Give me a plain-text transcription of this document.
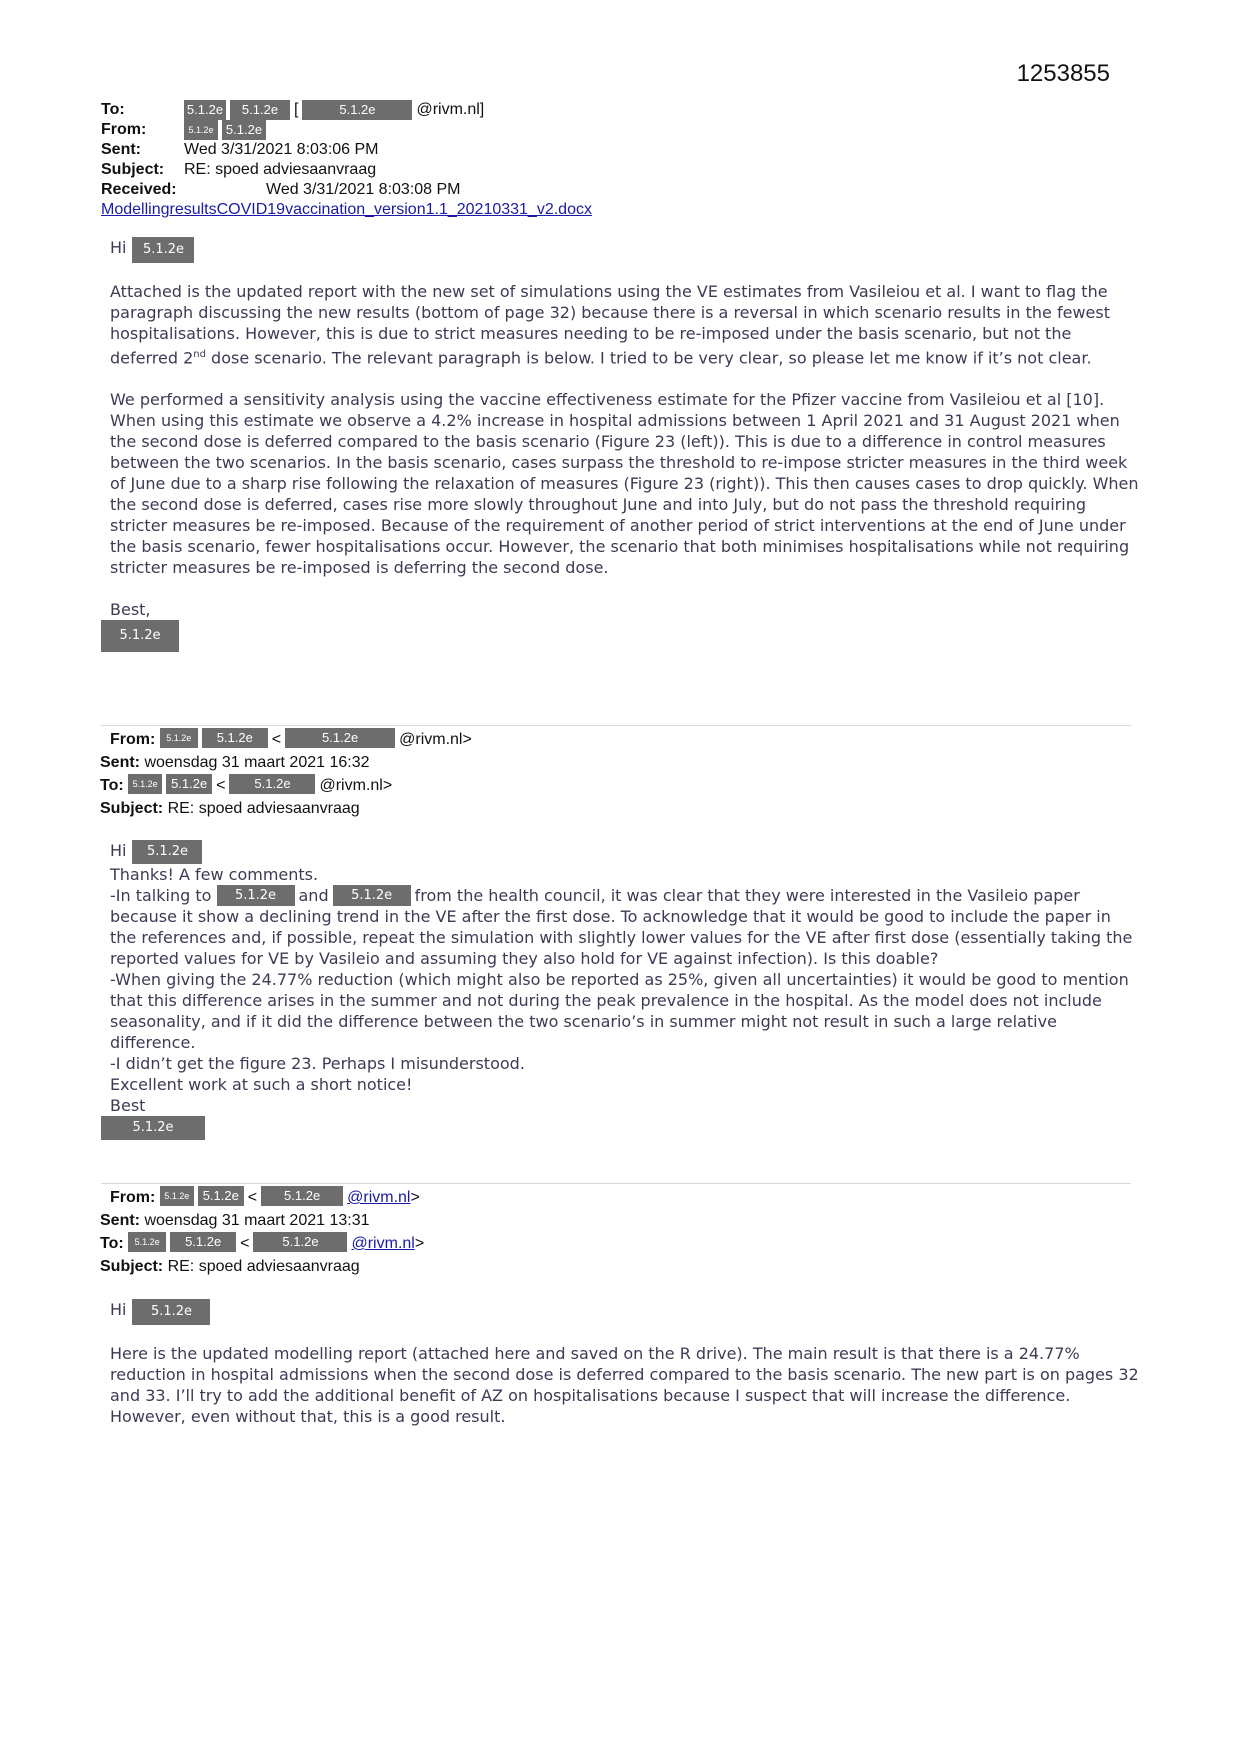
1253855
To:	5.1.2e 5.1.2e [	5.1.2e	@rivm.nl]
From:	5.1.2e 5.1.2e
Sent:	Wed 3/31/2021 8:03:06 PM
Subject: RE: spoed adviesaanvraag
Received:	Wed 3/31/2021 8:03:08 PM
ModellingresultsCOVID19vaccination_version1.1_20210331_v2.docx
Hi 5.1.2e

Attached is the updated report with the new set of simulations using the VE estimates from Vasileiou et al. I want to flag the paragraph discussing the new results (bottom of page 32) because there is a reversal in which scenario results in the fewest hospitalisations. However, this is due to strict measures needing to be re-imposed under the basis scenario, but not the deferred 2nd dose scenario. The relevant paragraph is below. I tried to be very clear, so please let me know if it’s not clear.

We performed a sensitivity analysis using the vaccine effectiveness estimate for the Pfizer vaccine from Vasileiou et al [10]. When using this estimate we observe a 4.2% increase in hospital admissions between 1 April 2021 and 31 August 2021 when the second dose is deferred compared to the basis scenario (Figure 23 (left)). This is due to a difference in control measures between the two scenarios. In the basis scenario, cases surpass the threshold to re-impose stricter measures in the third week of June due to a sharp rise following the relaxation of measures (Figure 23 (right)). This then causes cases to drop quickly. When the second dose is deferred, cases rise more slowly throughout June and into July, but do not pass the threshold requiring stricter measures be re-imposed. Because of the requirement of another period of strict interventions at the end of June under the basis scenario, fewer hospitalisations occur. However, the scenario that both minimises hospitalisations while not requiring stricter measures be re-imposed is deferring the second dose.

Best,

5.1.2e
From: 5.1.2e 5.1.2e <	5.1.2e	@rivm.nl>
Sent: woensdag 31 maart 2021 16:32
To: 5.1.2e 5.1.2e < 5.1.2e @rivm.nl>
Subject: RE: spoed adviesaanvraag
Hi 5.1.2e

Thanks! A few comments.

-In talking to 5.1.2e and 5.1.2e from the health council, it was clear that they were interested in the Vasileio paper because it show a declining trend in the VE after the first dose. To acknowledge that it would be good to include the paper in the references and, if possible, repeat the simulation with slightly lower values for the VE after first dose (essentially taking the reported values for VE by Vasileio and assuming they also hold for VE against infection). Is this doable?

-When giving the 24.77% reduction (which might also be reported as 25%, given all uncertainties) it would be good to mention that this difference arises in the summer and not during the peak prevalence in the hospital. As the model does not include seasonality, and if it did the difference between the two scenario’s in summer might not result in such a large relative difference.

-I didn’t get the figure 23. Perhaps I misunderstood.

Excellent work at such a short notice!

Best

5.1.2e
From: 5.1.2e 5.1.2e < 5.1.2e @rivm.nl>
Sent: woensdag 31 maart 2021 13:31
To: 5.1.2e 5.1.2e <	5.1.2e @rivm.nl>
Subject: RE: spoed adviesaanvraag
Hi 5.1.2e

Here is the updated modelling report (attached here and saved on the R drive). The main result is that there is a 24.77% reduction in hospital admissions when the second dose is deferred compared to the basis scenario. The new part is on pages 32 and 33. I’ll try to add the additional benefit of AZ on hospitalisations because I suspect that will increase the difference. However, even without that, this is a good result.
